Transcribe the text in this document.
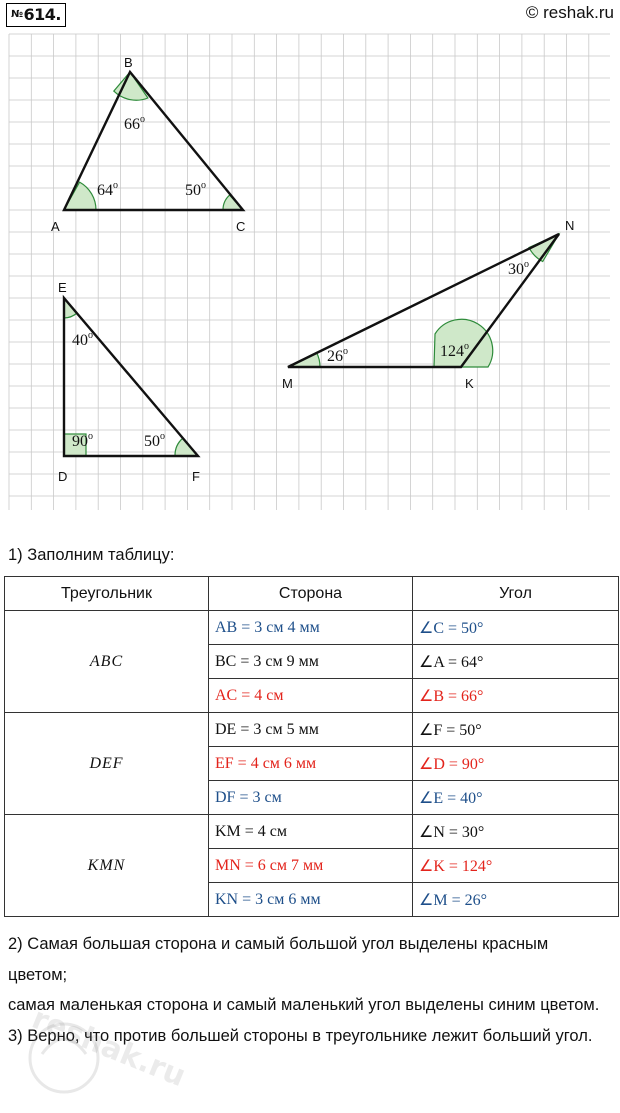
№614.	© reshak.ru
A
B
C
64$^o$
66$^o$
50$^o$
E
D	F
40$^o$
90$^o$	50$^o$
M	K
N
26$^o$	124$^o$
30$^o$
1) Заполним таблицу:
Треугольник	Сторона	Угол
ABC	AB = 3 см 4 мм	∠C = 50°
	BC = 3 см 9 мм	∠A = 64°
	AC = 4 см	∠B = 66°
DEF	DE = 3 см 5 мм	∠F = 50°
	EF = 4 см 6 мм	∠D = 90°
	DF = 3 см	∠E = 40°
KMN	KM = 4 см	∠N = 30°
	MN = 6 см 7 мм	∠K = 124°
	KN = 3 см 6 мм	∠M = 26°

2) Самая большая сторона и самый большой угол выделены красным цветом;

самая маленькая сторона и самый маленький угол выделены синим цветом.

3) Верно, что против большей стороны в треугольнике лежит больший угол.

reshak.ru
